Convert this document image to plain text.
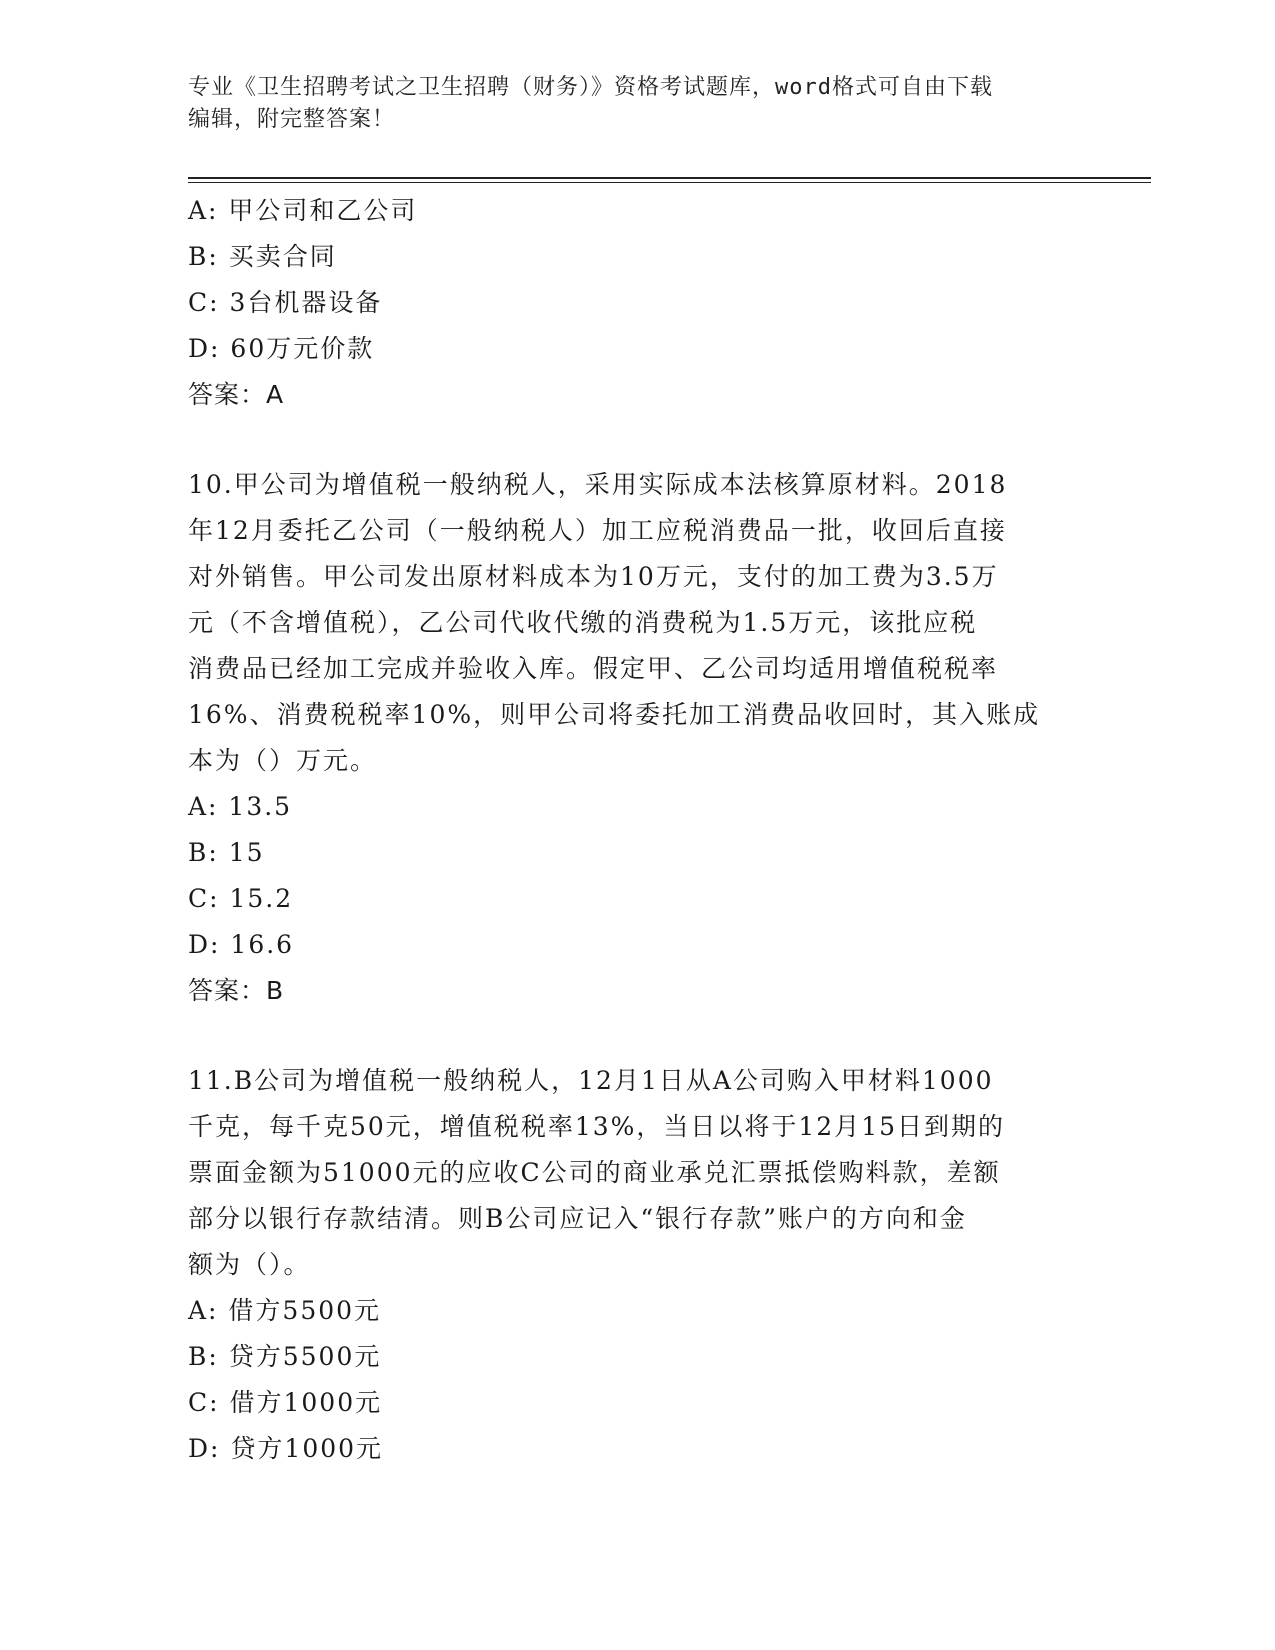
专业《卫生招聘考试之卫生招聘（财务）》资格考试题库，word格式可自由下载
编辑，附完整答案！
A: 甲公司和乙公司
B: 买卖合同
C: 3台机器设备
D: 60万元价款
答案：A
10.甲公司为增值税一般纳税人，采用实际成本法核算原材料。2018
年12月委托乙公司（一般纳税人）加工应税消费品一批，收回后直接
对外销售。甲公司发出原材料成本为10万元，支付的加工费为3.5万
元（不含增值税），乙公司代收代缴的消费税为1.5万元，该批应税
消费品已经加工完成并验收入库。假定甲、乙公司均适用增值税税率
16%、消费税税率10%，则甲公司将委托加工消费品收回时，其入账成
本为（）万元。
A: 13.5
B: 15
C: 15.2
D: 16.6
答案：B
11.B公司为增值税一般纳税人，12月1日从A公司购入甲材料1000
千克，每千克50元，增值税税率13%，当日以将于12月15日到期的
票面金额为51000元的应收C公司的商业承兑汇票抵偿购料款，差额
部分以银行存款结清。则B公司应记入“银行存款”账户的方向和金
额为（）。
A: 借方5500元
B: 贷方5500元
C: 借方1000元
D: 贷方1000元
